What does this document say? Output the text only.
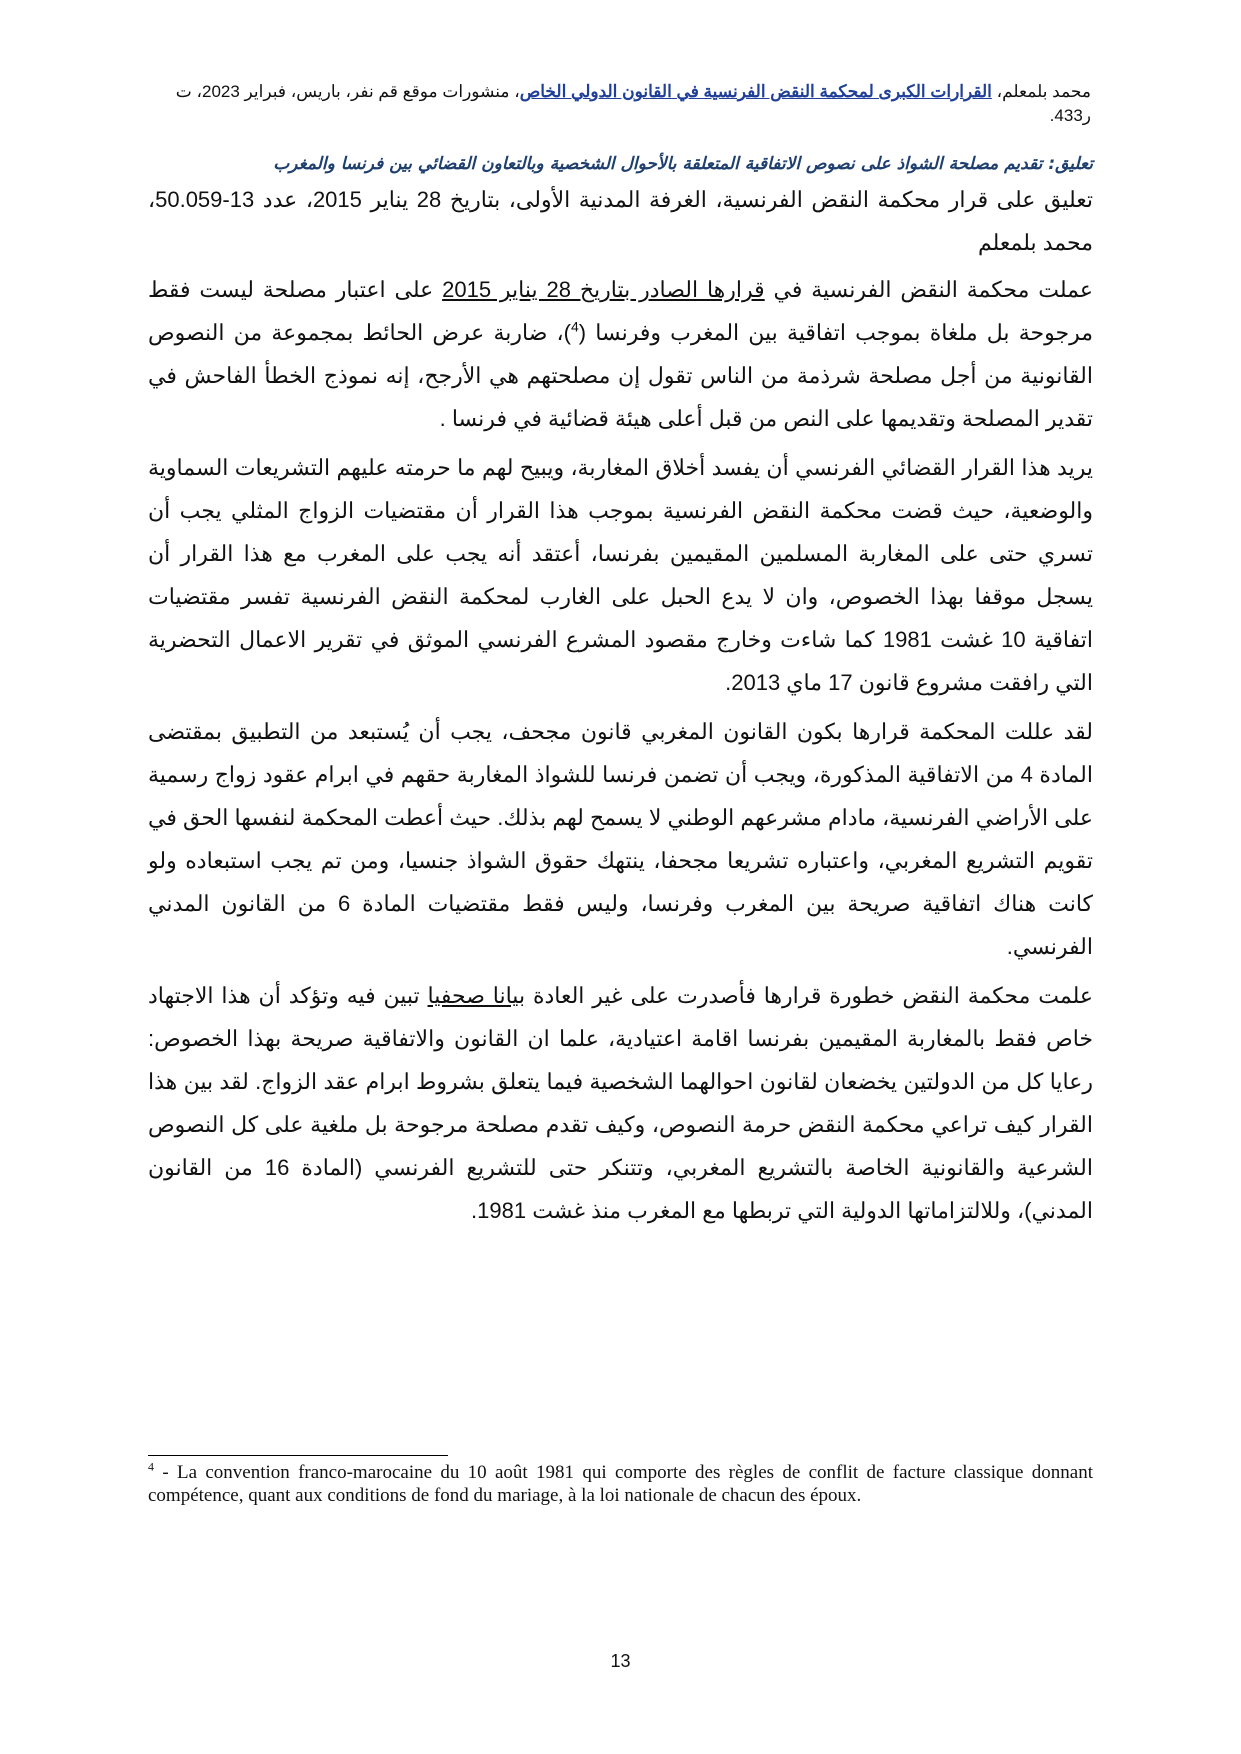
محمد بلمعلم، القرارات الكبرى لمحكمة النقض الفرنسية في القانون الدولي الخاص، منشورات موقع قم نفر، باريس، فبراير 2023، ت ر433.

تعليق: تقديم مصلحة الشواذ على نصوص الاتفاقية المتعلقة بالأحوال الشخصية وبالتعاون القضائي بين فرنسا والمغرب

تعليق على قرار محكمة النقض الفرنسية، الغرفة المدنية الأولى، بتاريخ 28 يناير 2015، عدد 13-50.059، محمد بلمعلم

عملت محكمة النقض الفرنسية في قرارها الصادر بتاريخ 28 يناير 2015 على اعتبار مصلحة ليست فقط مرجوحة بل ملغاة بموجب اتفاقية بين المغرب وفرنسا ($^4$)، ضاربة عرض الحائط بمجموعة من النصوص القانونية من أجل مصلحة شرذمة من الناس تقول إن مصلحتهم هي الأرجح، إنه نموذج الخطأ الفاحش في تقدير المصلحة وتقديمها على النص من قبل أعلى هيئة قضائية في فرنسا .

يريد هذا القرار القضائي الفرنسي أن يفسد أخلاق المغاربة، ويبيح لهم ما حرمته عليهم التشريعات السماوية والوضعية، حيث قضت محكمة النقض الفرنسية بموجب هذا القرار أن مقتضيات الزواج المثلي يجب أن تسري حتى على المغاربة المسلمين المقيمين بفرنسا، أعتقد أنه يجب على المغرب مع هذا القرار أن يسجل موقفا بهذا الخصوص، وان لا يدع الحبل على الغارب لمحكمة النقض الفرنسية تفسر مقتضيات اتفاقية 10 غشت 1981 كما شاءت وخارج مقصود المشرع الفرنسي الموثق في تقرير الاعمال التحضرية التي رافقت مشروع قانون 17 ماي 2013.

لقد عللت المحكمة قرارها بكون القانون المغربي قانون مجحف، يجب أن يُستبعد من التطبيق بمقتضى المادة 4 من الاتفاقية المذكورة، ويجب أن تضمن فرنسا للشواذ المغاربة حقهم في ابرام عقود زواج رسمية على الأراضي الفرنسية، مادام مشرعهم الوطني لا يسمح لهم بذلك. حيث أعطت المحكمة لنفسها الحق في تقويم التشريع المغربي، واعتباره تشريعا مجحفا، ينتهك حقوق الشواذ جنسيا، ومن تم يجب استبعاده ولو كانت هناك اتفاقية صريحة بين المغرب وفرنسا، وليس فقط مقتضيات المادة 6 من القانون المدني الفرنسي.

علمت محكمة النقض خطورة قرارها فأصدرت على غير العادة بيانا صحفيا تبين فيه وتؤكد أن هذا الاجتهاد خاص فقط بالمغاربة المقيمين بفرنسا اقامة اعتيادية، علما ان القانون والاتفاقية صريحة بهذا الخصوص: رعايا كل من الدولتين يخضعان لقانون احوالهما الشخصية فيما يتعلق بشروط ابرام عقد الزواج. لقد بين هذا القرار كيف تراعي محكمة النقض حرمة النصوص، وكيف تقدم مصلحة مرجوحة بل ملغية على كل النصوص الشرعية والقانونية الخاصة بالتشريع المغربي، وتتنكر حتى للتشريع الفرنسي (المادة 16 من القانون المدني)، وللالتزاماتها الدولية التي تربطها مع المغرب منذ غشت 1981.

$^4$ - La convention franco-marocaine du 10 août 1981 qui comporte des règles de conflit de facture classique donnant compétence, quant aux conditions de fond du mariage, à la loi nationale de chacun des époux.
13
